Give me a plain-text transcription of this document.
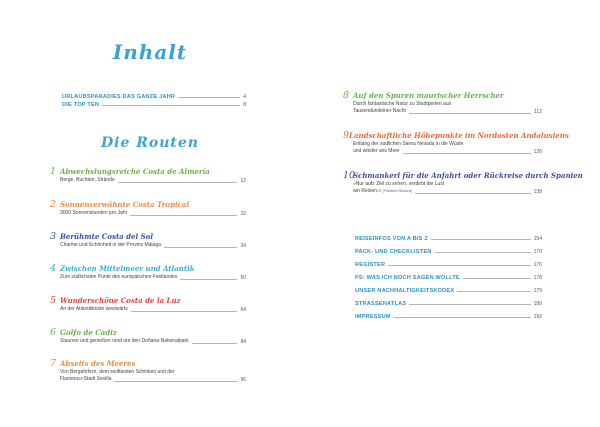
Inhalt
URLAUBSPARADIES DAS GANZE JAHR	4
DIE TOP TEN	8
Die Routen
1 Abwechslungsreiche Costa de Almería
Berge, Buchten, Strände	12
2 Sonnenverwöhnte Costa Tropical
3000 Sonnenstunden pro Jahr	22
3 Berühmte Costa del Sol
Charme und Schönheit in der Provinz Málaga	34
4 Zwischen Mittelmeer und Atlantik
Zum südlichsten Punkt des europäischen Festlandes	50
5 Wunderschöne Costa de la Luz
An der Atlantikküste westwärts	64
6 Golfo de Cádiz
Staunen und genießen rund um den Doñana-Nationalpark	84
7 Abseits des Meeres
Von Bergdörfern, dem weltbesten Schinken und der
Flamenco-Stadt Sevilla	96
8 Auf den Spuren maurischer Herrscher
Durch fantastische Natur zu Stadtperlen aus
Tausendundeiner Nacht	112
9 Landschaftliche Höhepunkte im Nordosten Andalusiens
Entlang der südlichen Sierra Nevada in die Wüste
und wieder ans Meer	126
10
Schmankerl für die Anfahrt oder Rückreise durch Spanien
»Nur aufs Ziel zu sehen, verdirbt die Lust
am Reisen.« (Friedrich Rückert)	138
REISEINFOS VON A BIS Z	154
PACK- UND CHECKLISTEN	170
REGISTER	176
PS: WAS ICH NOCH SAGEN WOLLTE	178
UNSER NACHHALTIGKEITSKODEX	179
STRASSENATLAS	180
IMPRESSUM	192
